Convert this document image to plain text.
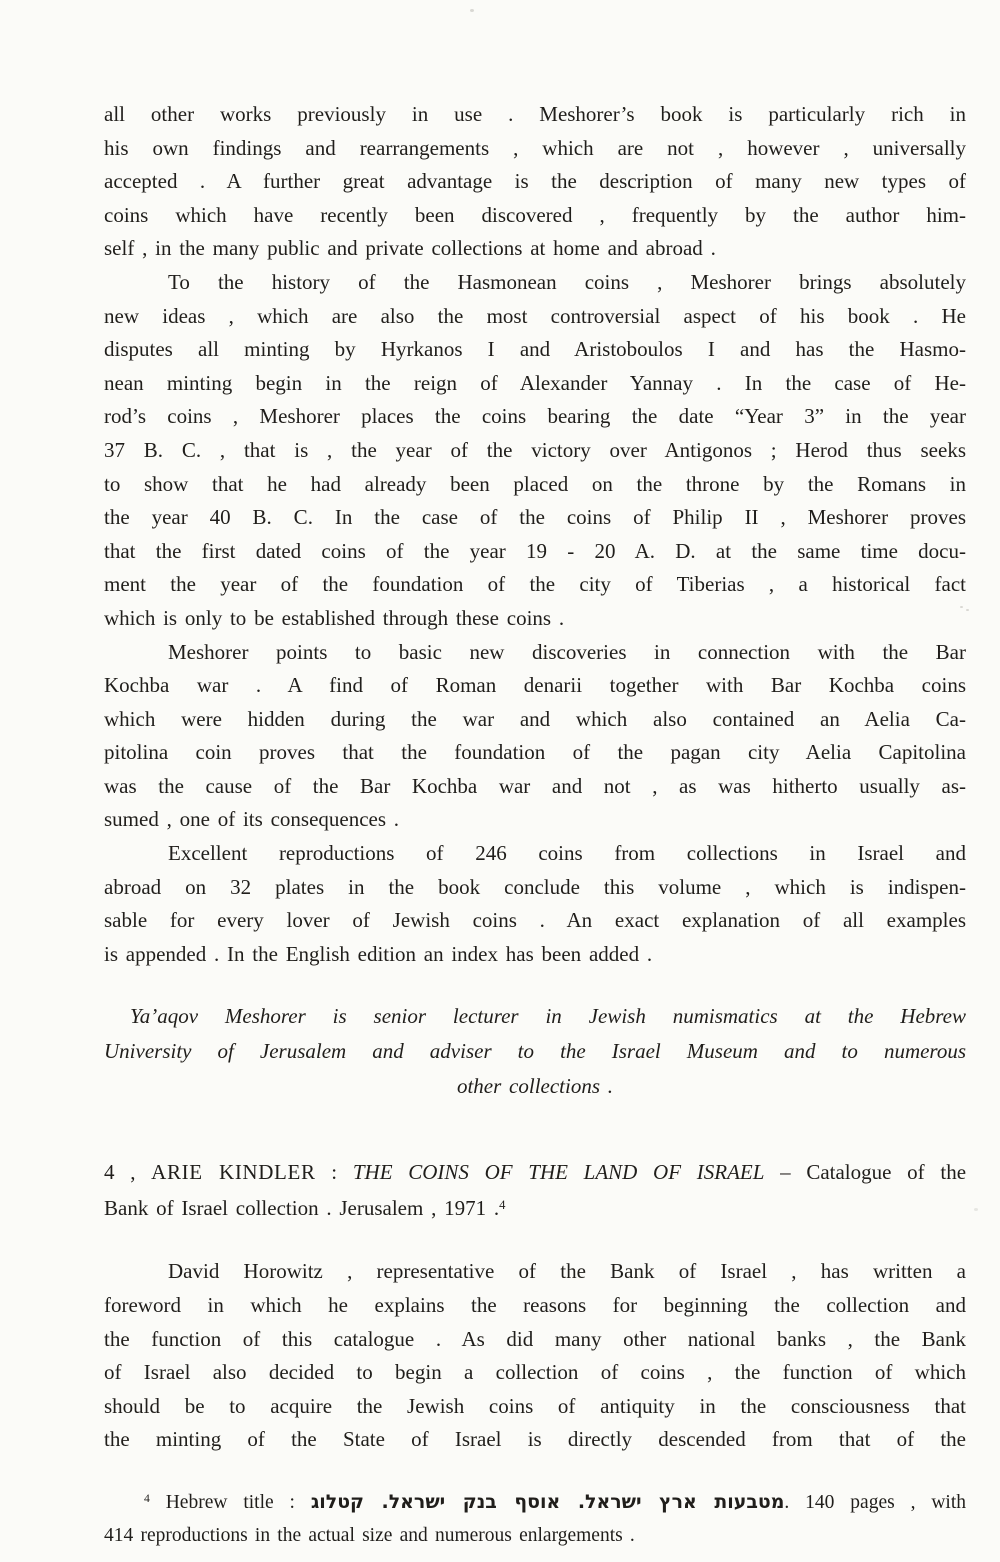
all other works previously in use . Meshorer’s book is particularly rich in
his own findings and rearrangements , which are not , however , universally
accepted . A further great advantage is the description of many new types of
coins which have recently been discovered , frequently by the author him-
self , in the many public and private collections at home and abroad .
To the history of the Hasmonean coins , Meshorer brings absolutely
new ideas , which are also the most controversial aspect of his book . He
disputes all minting by Hyrkanos I and Aristoboulos I and has the Hasmo-
nean minting begin in the reign of Alexander Yannay . In the case of He-
rod’s coins , Meshorer places the coins bearing the date “Year 3” in the year
37 B. C. , that is , the year of the victory over Antigonos ; Herod thus seeks
to show that he had already been placed on the throne by the Romans in
the year 40 B. C. In the case of the coins of Philip II , Meshorer proves
that the first dated coins of the year 19 - 20 A. D. at the same time docu-
ment the year of the foundation of the city of Tiberias , a historical fact
which is only to be established through these coins .
Meshorer points to basic new discoveries in connection with the Bar
Kochba war . A find of Roman denarii together with Bar Kochba coins
which were hidden during the war and which also contained an Aelia Ca-
pitolina coin proves that the foundation of the pagan city Aelia Capitolina
was the cause of the Bar Kochba war and not , as was hitherto usually as-
sumed , one of its consequences .
Excellent reproductions of 246 coins from collections in Israel and
abroad on 32 plates in the book conclude this volume , which is indispen-
sable for every lover of Jewish coins . An exact explanation of all examples
is appended . In the English edition an index has been added .
Ya’aqov Meshorer is senior lecturer in Jewish numismatics at the Hebrew
University of Jerusalem and adviser to the Israel Museum and to numerous
other collections .
4 , ARIE KINDLER : THE COINS OF THE LAND OF ISRAEL – Catalogue of the
Bank of Israel collection . Jerusalem , 1971 .$^4$
David Horowitz , representative of the Bank of Israel , has written a
foreword in which he explains the reasons for beginning the collection and
the function of this catalogue . As did many other national banks , the Bank
of Israel also decided to begin a collection of coins , the function of which
should be to acquire the Jewish coins of antiquity in the consciousness that
the minting of the State of Israel is directly descended from that of the
$^4$ Hebrew title : מטבעות ארץ ישראל. אוסף בנק ישראל. קטלוג. 140 pages , with
414 reproductions in the actual size and numerous enlargements .
